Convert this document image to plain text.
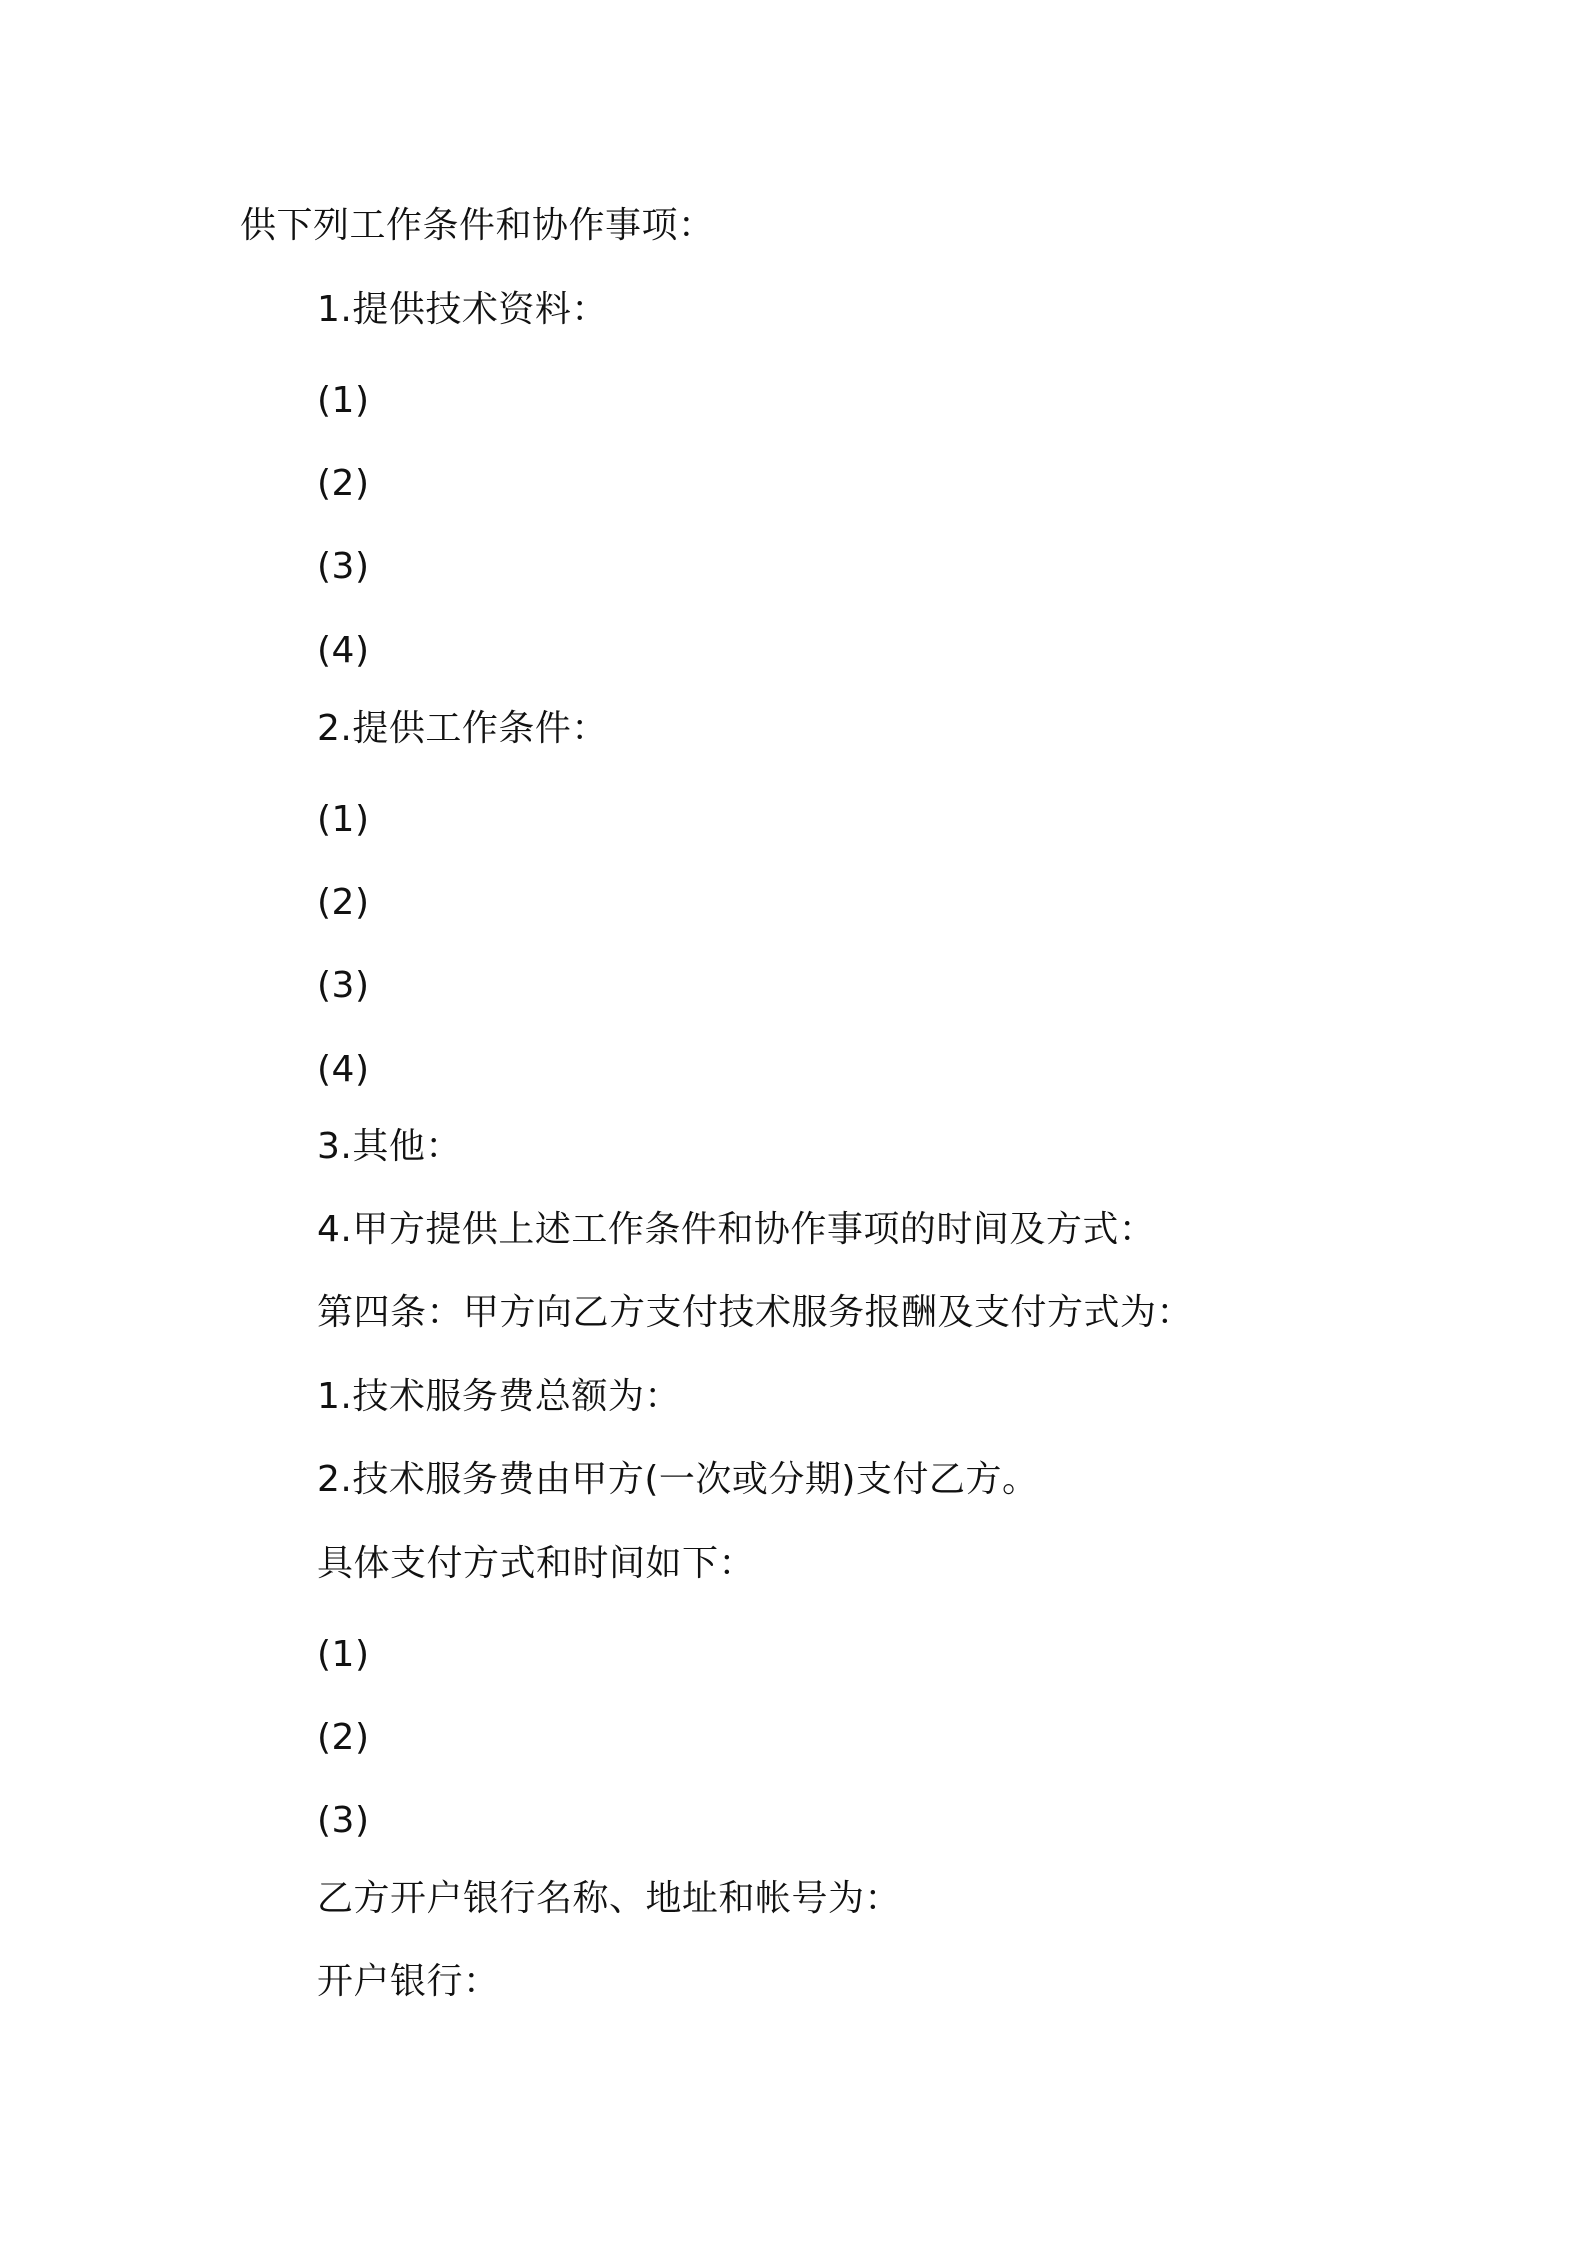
供下列工作条件和协作事项：
1.提供技术资料：
(1)
(2)
(3)
(4)
2.提供工作条件：
(1)
(2)
(3)
(4)
3.其他：
4.甲方提供上述工作条件和协作事项的时间及方式：
第四条：甲方向乙方支付技术服务报酬及支付方式为：
1.技术服务费总额为：
2.技术服务费由甲方(一次或分期)支付乙方。
具体支付方式和时间如下：
(1)
(2)
(3)
乙方开户银行名称、地址和帐号为：
开户银行：
